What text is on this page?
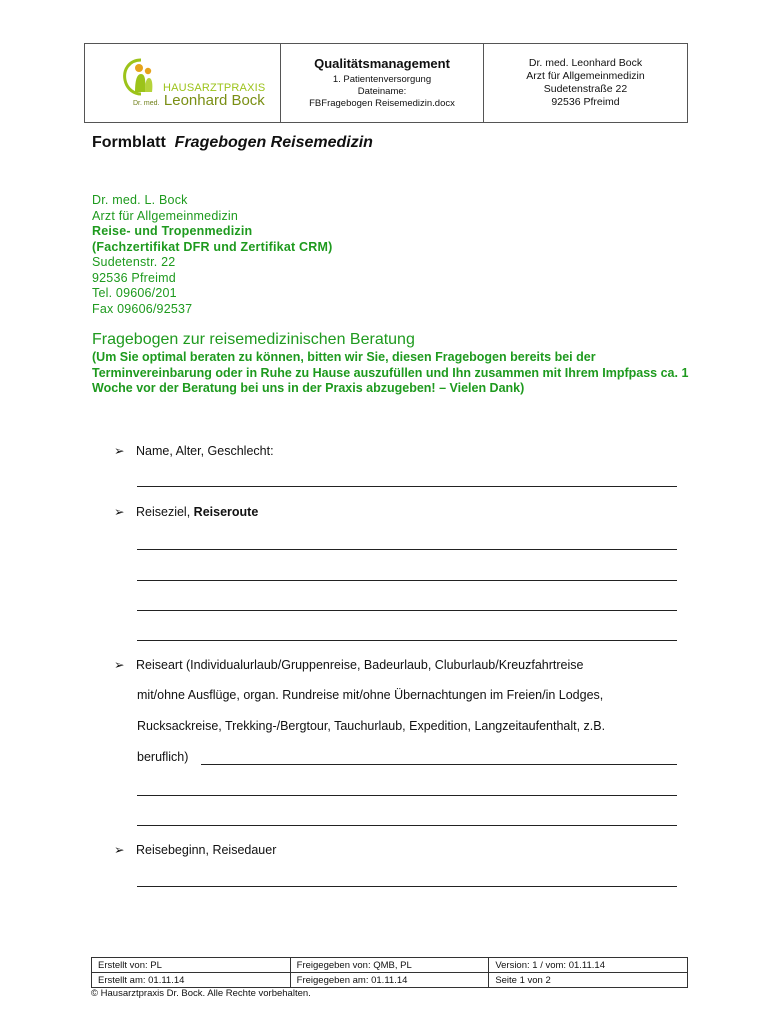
HAUSARZTPRAXIS
Dr. med. Leonhard Bock

Qualitätsmanagement
1. Patientenversorgung
Dateiname:
FBFragebogen Reisemedizin.docx

Dr. med. Leonhard Bock
Arzt für Allgemeinmedizin
Sudetenstraße 22
92536 Pfreimd
Formblatt Fragebogen Reisemedizin
Dr. med. L. Bock
Arzt für Allgemeinmedizin
Reise- und Tropenmedizin
(Fachzertifikat DFR und Zertifikat CRM)
Sudetenstr. 22
92536 Pfreimd
Tel. 09606/201
Fax 09606/92537
Fragebogen zur reisemedizinischen Beratung
(Um Sie optimal beraten zu können, bitten wir Sie, diesen Fragebogen bereits bei der Terminvereinbarung oder in Ruhe zu Hause auszufüllen und Ihn zusammen mit Ihrem Impfpass ca. 1 Woche vor der Beratung bei uns in der Praxis abzugeben! – Vielen Dank)
➢ Name, Alter, Geschlecht:
➢ Reiseziel, Reiseroute
➢ Reiseart (Individualurlaub/Gruppenreise, Badeurlaub, Cluburlaub/Kreuzfahrtreise
mit/ohne Ausflüge, organ. Rundreise mit/ohne Übernachtungen im Freien/in Lodges,
Rucksackreise, Trekking-/Bergtour, Tauchurlaub, Expedition, Langzeitaufenthalt, z.B.
beruflich)
➢ Reisebeginn, Reisedauer
Erstellt von: PL	Freigegeben von: QMB, PL	Version: 1 / vom: 01.11.14
Erstellt am: 01.11.14	Freigegeben am: 01.11.14	Seite 1 von 2
© Hausarztpraxis Dr. Bock. Alle Rechte vorbehalten.
